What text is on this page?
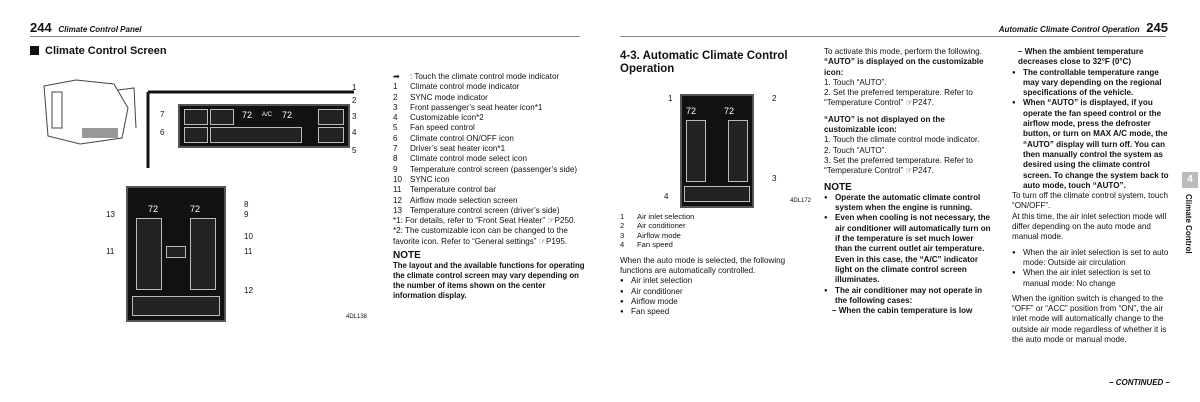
244 Climate Control Panel
Climate Control Screen
72 A/C 72
7
6
1
2
3
4
5
72	72
13
8
9
10
11	11
12
4DL138
➡	: Touch the climate control mode indicator
1	Climate control mode indicator
2	SYNC mode indicator
3	Front passenger’s seat heater icon*1
4	Customizable icon*2
5	Fan speed control
6	Climate control ON/OFF icon
7	Driver’s seat heater icon*1
8	Climate control mode select icon
9	Temperature control screen (passenger’s side)
10 SYNC icon
11	Temperature control bar
12 Airflow mode selection screen
13 Temperature control screen (driver’s side)
*1: For details, refer to “Front Seat Heater” ☞P250.
*2: The customizable icon can be changed to the favorite icon. Refer to “General settings” ☞P195.
NOTE
The layout and the available functions for operating the climate control screen may vary depending on the number of items shown on the center information display.
Automatic Climate Control Operation 245
4-3. Automatic Climate Control Operation
72	72
1	2
3
4	4DL172
1	Air inlet selection
2	Air conditioner
3	Airflow mode
4	Fan speed
When the auto mode is selected, the following functions are automatically controlled.
● Air inlet selection
● Air conditioner
● Airflow mode
● Fan speed
To activate this mode, perform the following.
“AUTO” is displayed on the customizable icon:
1. Touch “AUTO”.
2. Set the preferred temperature. Refer to “Temperature Control” ☞P247.
“AUTO” is not displayed on the customizable icon:
1. Touch the climate control mode indicator.
2. Touch “AUTO”.
3. Set the preferred temperature. Refer to “Temperature Control” ☞P247.
NOTE
● Operate the automatic climate control system when the engine is running.
● Even when cooling is not necessary, the air conditioner will automatically turn on if the temperature is set much lower than the current outlet air temperature. Even in this case, the “A/C” indicator light on the climate control screen illuminates.
● The air conditioner may not operate in the following cases:
– When the cabin temperature is low
– When the ambient temperature decreases close to 32°F (0°C)
● The controllable temperature range may vary depending on the regional specifications of the vehicle.
● When “AUTO” is displayed, if you operate the fan speed control or the airflow mode, press the defroster button, or turn on MAX A/C mode, the “AUTO” display will turn off. You can then manually control the system as desired using the climate control screen. To change the system back to auto mode, touch “AUTO”.
To turn off the climate control system, touch “ON/OFF”.
At this time, the air inlet selection mode will differ depending on the auto mode and manual mode.
● When the air inlet selection is set to auto mode: Outside air circulation
● When the air inlet selection is set to manual mode: No change
When the ignition switch is changed to the “OFF” or “ACC” position from “ON”, the air inlet mode will automatically change to the outside air mode regardless of whether it is the auto mode or manual mode.
– CONTINUED –
4
Climate Control
